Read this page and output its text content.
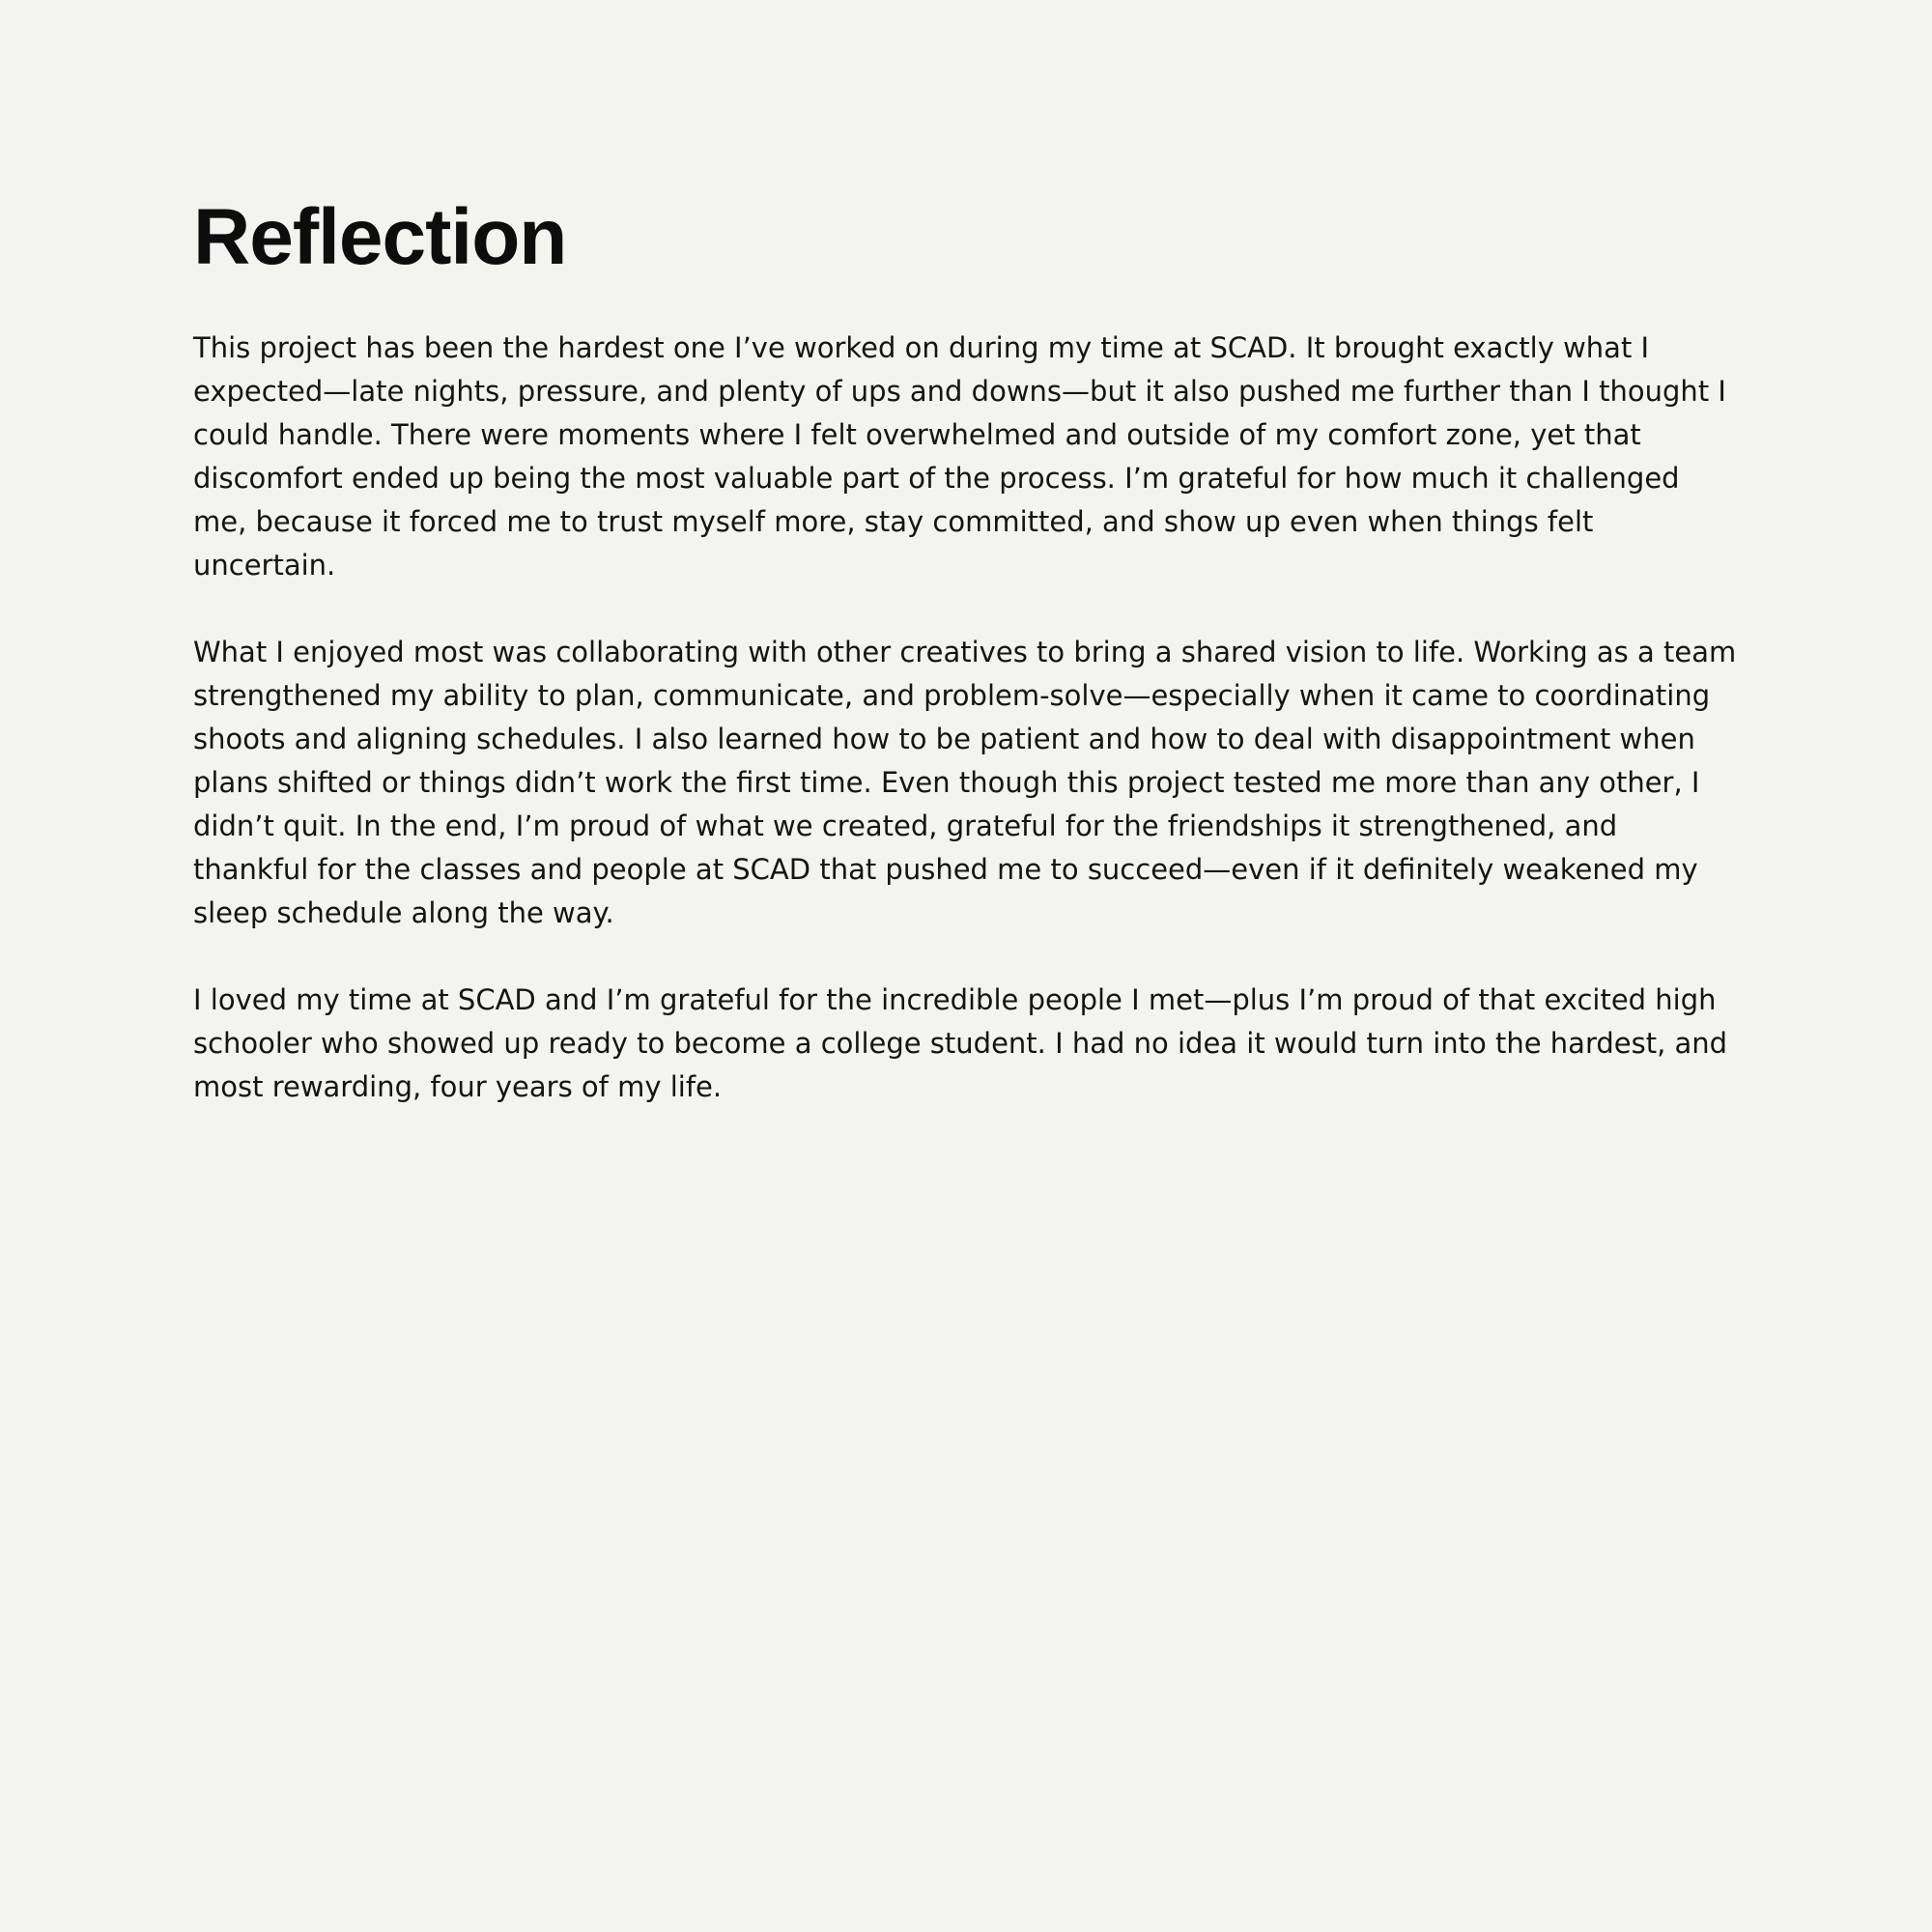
Reflection

This project has been the hardest one I’ve worked on during my time at SCAD. It brought exactly what I expected—late nights, pressure, and plenty of ups and downs—but it also pushed me further than I thought I could handle. There were moments where I felt overwhelmed and outside of my comfort zone, yet that discomfort ended up being the most valuable part of the process. I’m grateful for how much it challenged me, because it forced me to trust myself more, stay committed, and show up even when things felt uncertain.

What I enjoyed most was collaborating with other creatives to bring a shared vision to life. Working as a team strengthened my ability to plan, communicate, and problem-solve—especially when it came to coordinating shoots and aligning schedules. I also learned how to be patient and how to deal with disappointment when plans shifted or things didn’t work the first time. Even though this project tested me more than any other, I didn’t quit. In the end, I’m proud of what we created, grateful for the friendships it strengthened, and thankful for the classes and people at SCAD that pushed me to succeed—even if it definitely weakened my sleep schedule along the way.

I loved my time at SCAD and I’m grateful for the incredible people I met—plus I’m proud of that excited high schooler who showed up ready to become a college student. I had no idea it would turn into the hardest, and most rewarding, four years of my life.
